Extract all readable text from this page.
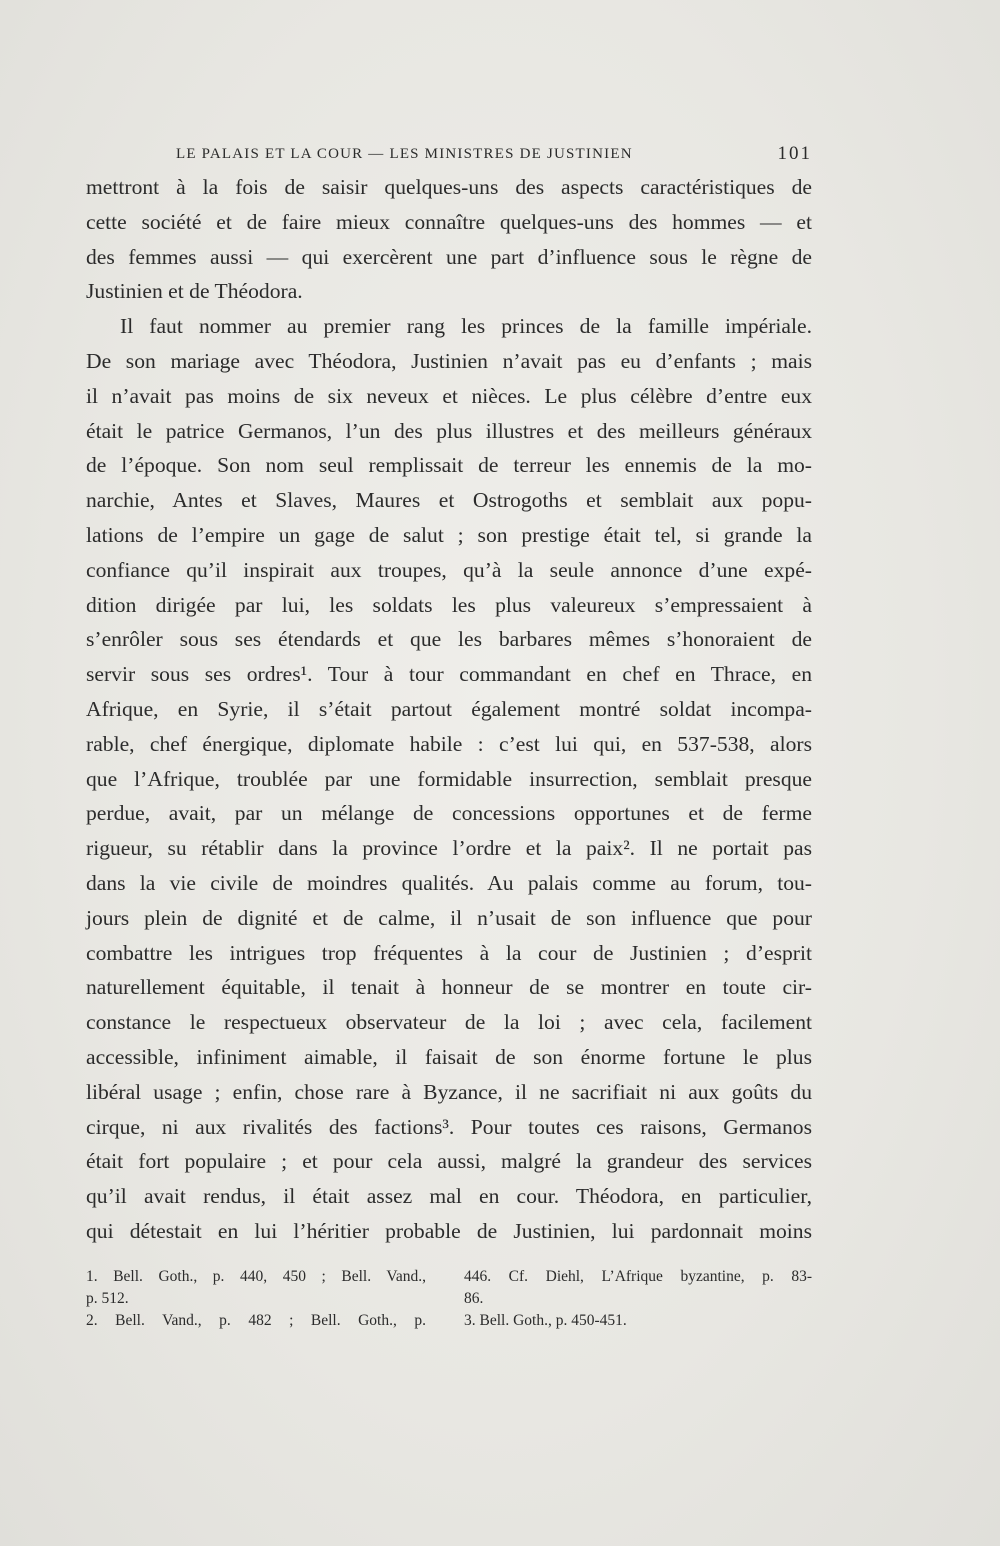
LE PALAIS ET LA COUR — LES MINISTRES DE JUSTINIEN	101
mettront à la fois de saisir quelques-uns des aspects caractéristiques de
cette société et de faire mieux connaître quelques-uns des hommes — et
des femmes aussi — qui exercèrent une part d’influence sous le règne de
Justinien et de Théodora.
Il faut nommer au premier rang les princes de la famille impériale.
De son mariage avec Théodora, Justinien n’avait pas eu d’enfants ; mais
il n’avait pas moins de six neveux et nièces. Le plus célèbre d’entre eux
était le patrice Germanos, l’un des plus illustres et des meilleurs généraux
de l’époque. Son nom seul remplissait de terreur les ennemis de la mo-
narchie, Antes et Slaves, Maures et Ostrogoths et semblait aux popu-
lations de l’empire un gage de salut ; son prestige était tel, si grande la
confiance qu’il inspirait aux troupes, qu’à la seule annonce d’une expé-
dition dirigée par lui, les soldats les plus valeureux s’empressaient à
s’enrôler sous ses étendards et que les barbares mêmes s’honoraient de
servir sous ses ordres¹. Tour à tour commandant en chef en Thrace, en
Afrique, en Syrie, il s’était partout également montré soldat incompa-
rable, chef énergique, diplomate habile : c’est lui qui, en 537-538, alors
que l’Afrique, troublée par une formidable insurrection, semblait presque
perdue, avait, par un mélange de concessions opportunes et de ferme
rigueur, su rétablir dans la province l’ordre et la paix². Il ne portait pas
dans la vie civile de moindres qualités. Au palais comme au forum, tou-
jours plein de dignité et de calme, il n’usait de son influence que pour
combattre les intrigues trop fréquentes à la cour de Justinien ; d’esprit
naturellement équitable, il tenait à honneur de se montrer en toute cir-
constance le respectueux observateur de la loi ; avec cela, facilement
accessible, infiniment aimable, il faisait de son énorme fortune le plus
libéral usage ; enfin, chose rare à Byzance, il ne sacrifiait ni aux goûts du
cirque, ni aux rivalités des factions³. Pour toutes ces raisons, Germanos
était fort populaire ; et pour cela aussi, malgré la grandeur des services
qu’il avait rendus, il était assez mal en cour. Théodora, en particulier,
qui détestait en lui l’héritier probable de Justinien, lui pardonnait moins
1. Bell. Goth., p. 440, 450 ; Bell. Vand.,
p. 512.
2. Bell. Vand., p. 482 ; Bell. Goth., p.
446. Cf. Diehl, L’Afrique byzantine, p. 83-
86.
3. Bell. Goth., p. 450-451.
